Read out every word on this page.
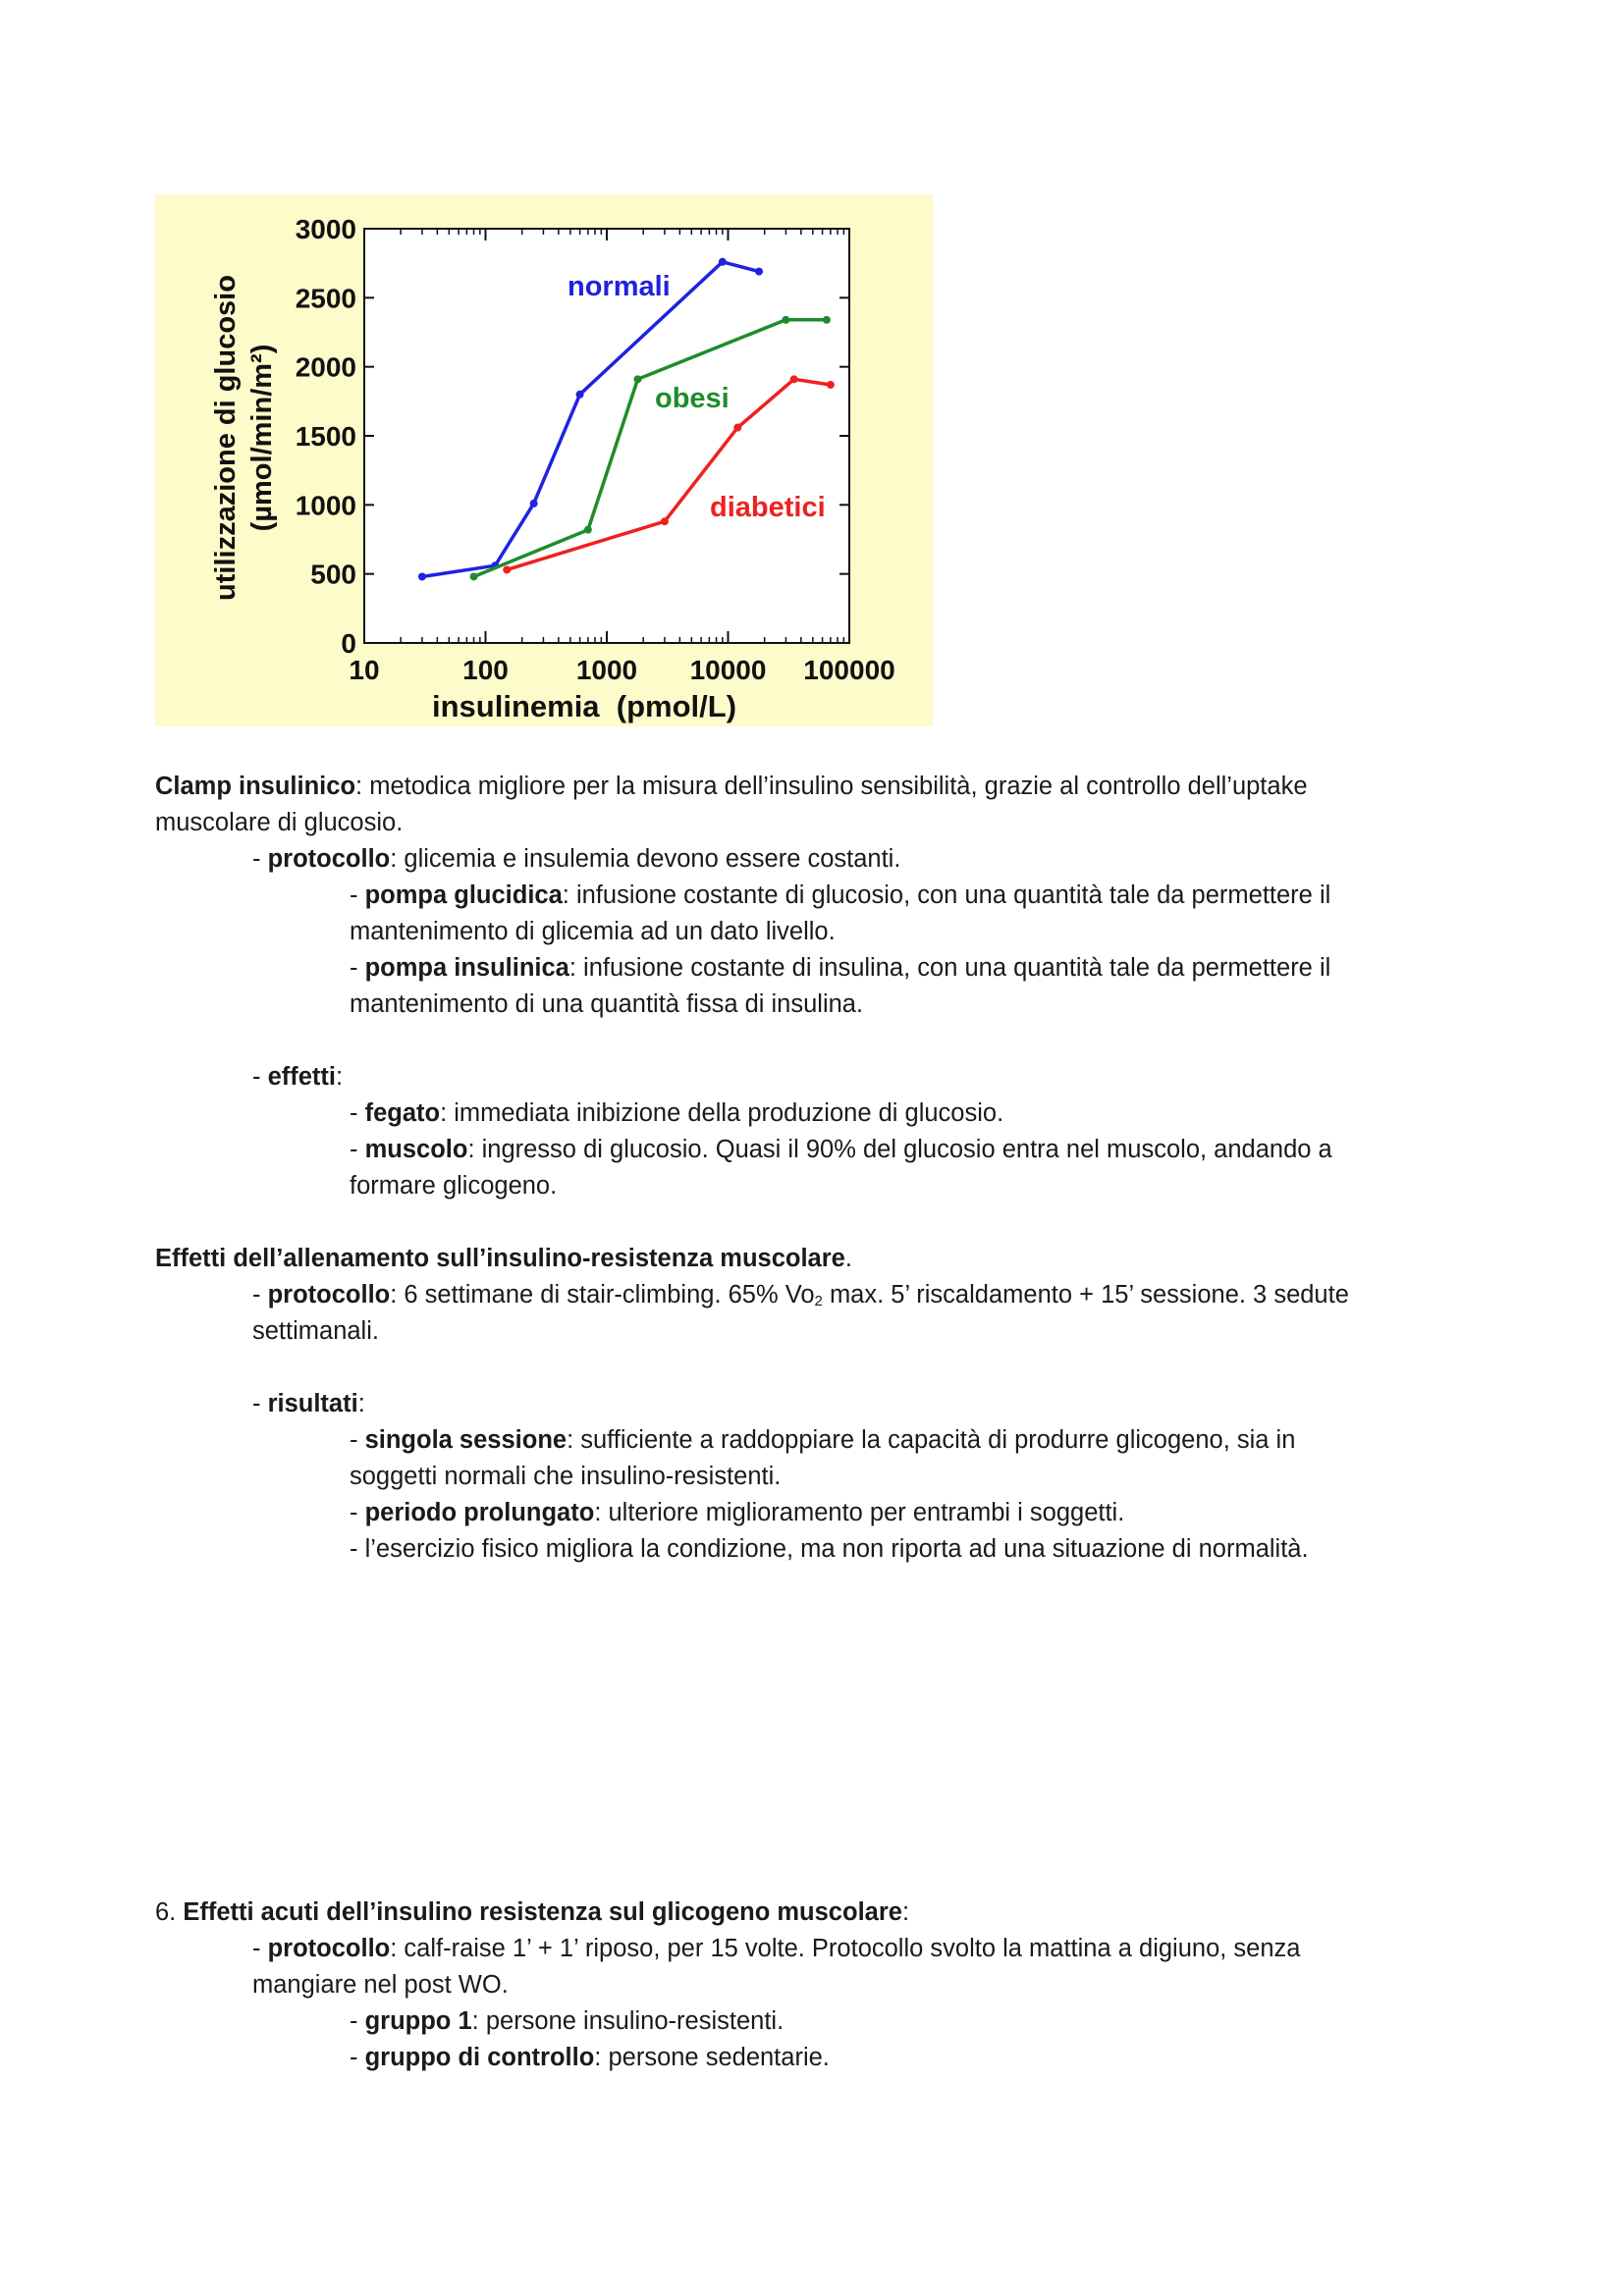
0
500
1000
1500
2000
2500
3000
10	100 1000 10000 100000
normali
obesi
diabetici
insulinemia  (pmol/L)
utilizzazione di glucosio (µmol/min/m²)
Clamp insulinico: metodica migliore per la misura dell’insulino sensibilità, grazie al controllo dell’uptake
muscolare di glucosio.
- protocollo: glicemia e insulemia devono essere costanti.
- pompa glucidica: infusione costante di glucosio, con una quantità tale da permettere il
mantenimento di glicemia ad un dato livello.
- pompa insulinica: infusione costante di insulina, con una quantità tale da permettere il
mantenimento di una quantità fissa di insulina.
- effetti:
- fegato: immediata inibizione della produzione di glucosio.
- muscolo: ingresso di glucosio. Quasi il 90% del glucosio entra nel muscolo, andando a
formare glicogeno.
Effetti dell’allenamento sull’insulino-resistenza muscolare.
- protocollo: 6 settimane di stair-climbing. 65% $Vo_2$ max. 5’ riscaldamento + 15’ sessione. 3 sedute
settimanali.
- risultati:
- singola sessione: sufficiente a raddoppiare la capacità di produrre glicogeno, sia in
soggetti normali che insulino-resistenti.
- periodo prolungato: ulteriore miglioramento per entrambi i soggetti.
- l’esercizio fisico migliora la condizione, ma non riporta ad una situazione di normalità.
6. Effetti acuti dell’insulino resistenza sul glicogeno muscolare:
- protocollo: calf-raise 1’ + 1’ riposo, per 15 volte. Protocollo svolto la mattina a digiuno, senza
mangiare nel post WO.
- gruppo 1: persone insulino-resistenti.
- gruppo di controllo: persone sedentarie.
